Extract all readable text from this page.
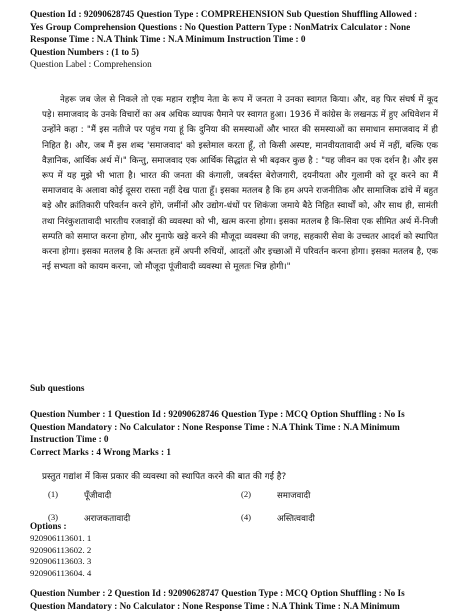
Question Id : 92090628745 Question Type : COMPREHENSION Sub Question Shuffling Allowed :
Yes Group Comprehension Questions : No Question Pattern Type : NonMatrix Calculator : None
Response Time : N.A Think Time : N.A Minimum Instruction Time : 0
Question Numbers : (1 to 5)
Question Label : Comprehension

नेहरू जब जेल से निकले तो एक महान राष्ट्रीय नेता के रूप में जनता ने उनका स्वागत किया। और, वह फिर संघर्ष में कूद पड़े। समाजवाद के उनके विचारों का अब अधिक व्यापक पैमाने पर स्वागत हुआ। 1936 में कांग्रेस के लखनऊ में हुए अधिवेशन में उन्होंने कहा : "मैं इस नतीजे पर पहुंच गया हूं कि दुनिया की समस्याओं और भारत की समस्याओं का समाधान समाजवाद में ही निहित है। और, जब मैं इस शब्द 'समाजवाद' को इस्तेमाल करता हूँ, तो किसी अस्पष्ट, मानवीयतावादी अर्थ में नहीं, बल्कि एक वैज्ञानिक, आर्थिक अर्थ में।" किन्तु, समाजवाद एक आर्थिक सिद्धांत से भी बढ़कर कुछ है : "यह जीवन का एक दर्शन है। और इस रूप में यह मुझे भी भाता है। भारत की जनता की कंगाली, जबर्दस्त बेरोजगारी, दयनीयता और गुलामी को दूर करने का मैं समाजवाद के अलावा कोई दूसरा रास्ता नहीं देख पाता हूँ। इसका मतलब है कि हम अपने राजनीतिक और सामाजिक ढांचे में बहुत बड़े और क्रांतिकारी परिवर्तन करने होंगे, जमींनों और उद्योग-धंधों पर शिकंजा जमाये बैठे निहित स्वार्थों को, और साथ ही, सामंती तथा निरंकुशतावादी भारतीय रजवाड़ों की व्यवस्था को भी, खत्म करना होगा। इसका मतलब है कि-सिवा एक सीमित अर्थ में-निजी सम्पति को समाप्त करना होगा, और मुनाफे खड़े करने की मौजूदा व्यवस्था की जगह, सहकारी सेवा के उच्चतर आदर्श को स्थापित करना होगा। इसका मतलब है कि अन्ततः हमें अपनी रुचियों, आदतों और इच्छाओं में परिवर्तन करना होगा। इसका मतलब है, एक नई सभ्यता को कायम करना, जो मौजूदा पूंजीवादी व्यवस्था से मूलतः भिन्न होगी।"

Sub questions
Question Number : 1 Question Id : 92090628746 Question Type : MCQ Option Shuffling : No Is
Question Mandatory : No Calculator : None Response Time : N.A Think Time : N.A Minimum
Instruction Time : 0
Correct Marks : 4 Wrong Marks : 1
प्रस्तुत गद्यांश में किस प्रकार की व्यवस्था को स्थापित करने की बात की गई है?
(1)	पूँजीवादी	(2)	समाजवादी
(3)	अराजकतावादी	(4)	अस्तित्ववादी
Options :
920906113601. 1
920906113602. 2
920906113603. 3
920906113604. 4
Question Number : 2 Question Id : 92090628747 Question Type : MCQ Option Shuffling : No Is
Question Mandatory : No Calculator : None Response Time : N.A Think Time : N.A Minimum
